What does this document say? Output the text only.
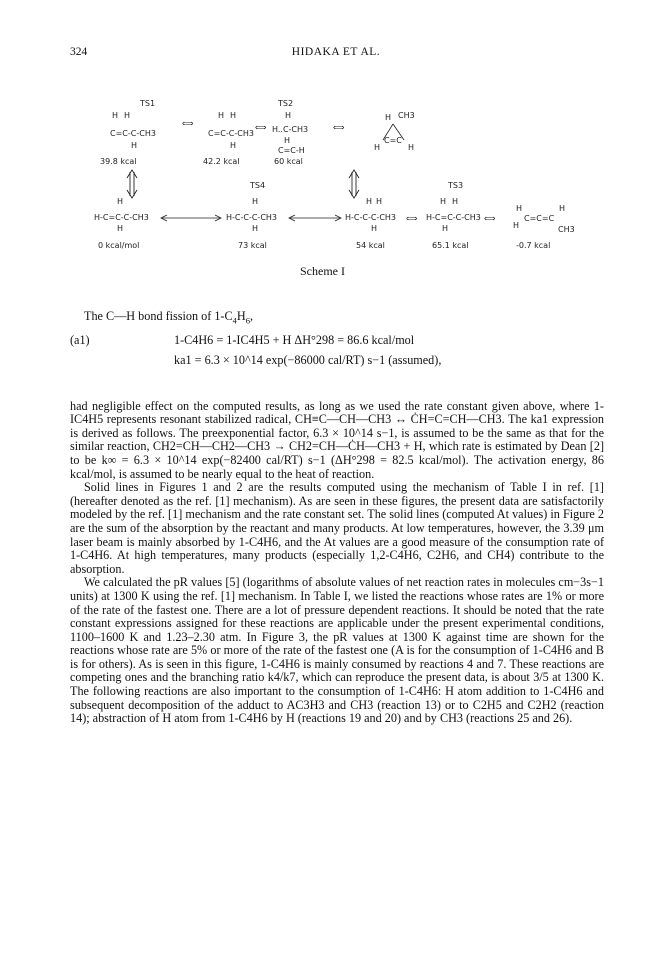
324	HIDAKA ET AL.
TS1	TS2
TS4	TS3
H H
C=C-C-CH3
H
39.8 kcal
⟺
H H
C=C-C-CH3
H
42.2 kcal
⟺
H
H..C-CH3
H
C=C-H
60 kcal
⟺
H CH3
C=C
H	H
H
H-C=C-C-CH3
H
0 kcal/mol
H
H-C-C-C-CH3
H
73 kcal
H H
H-C-C-C-CH3
H
54 kcal
⟺
H H
H-C=C-C-CH3
H
65.1 kcal
⟺
H
H
C=C=C
H
CH3
-0.7 kcal
Scheme I

The C—H bond fission of $1-C_4H_6$,

(a1)	1-C4H6 = 1-IC4H5 + H ΔH°298 = 86.6 kcal/mol
ka1 = 6.3 × 10^14 exp(−86000 cal/RT) s−1 (assumed),

had negligible effect on the computed results, as long as we used the rate constant given above, where 1-IC4H5 represents resonant stabilized radical, CH≡C—CH—CH3 ↔ ĊH=C=CH—CH3. The ka1 expression is derived as follows. The preexponential factor, 6.3 × 10^14 s−1, is assumed to be the same as that for the similar reaction, CH2=CH—CH2—CH3 → CH2=CH—ĊH—CH3 + H, which rate is estimated by Dean [2] to be k∞ = 6.3 × 10^14 exp(−82400 cal/RT) s−1 (ΔH°298 = 82.5 kcal/mol). The activation energy, 86 kcal/mol, is assumed to be nearly equal to the heat of reaction.

Solid lines in Figures 1 and 2 are the results computed using the mechanism of Table I in ref. [1] (hereafter denoted as the ref. [1] mechanism). As are seen in these figures, the present data are satisfactorily modeled by the ref. [1] mechanism and the rate constant set. The solid lines (computed At values) in Figure 2 are the sum of the absorption by the reactant and many products. At low temperatures, however, the 3.39 μm laser beam is mainly absorbed by 1-C4H6, and the At values are a good measure of the consumption rate of 1-C4H6. At high temperatures, many products (especially 1,2-C4H6, C2H6, and CH4) contribute to the absorption.

We calculated the pR values [5] (logarithms of absolute values of net reaction rates in molecules cm−3s−1 units) at 1300 K using the ref. [1] mechanism. In Table I, we listed the reactions whose rates are 1% or more of the rate of the fastest one. There are a lot of pressure dependent reactions. It should be noted that the rate constant expressions assigned for these reactions are applicable under the present experimental conditions, 1100–1600 K and 1.23–2.30 atm. In Figure 3, the pR values at 1300 K against time are shown for the reactions whose rate are 5% or more of the rate of the fastest one (A is for the consumption of 1-C4H6 and B is for others). As is seen in this figure, 1-C4H6 is mainly consumed by reactions 4 and 7. These reactions are competing ones and the branching ratio k4/k7, which can reproduce the present data, is about 3/5 at 1300 K. The following reactions are also important to the consumption of 1-C4H6: H atom addition to 1-C4H6 and subsequent decomposition of the adduct to AC3H3 and CH3 (reaction 13) or to C2H5 and C2H2 (reaction 14); abstraction of H atom from 1-C4H6 by H (reactions 19 and 20) and by CH3 (reactions 25 and 26).
